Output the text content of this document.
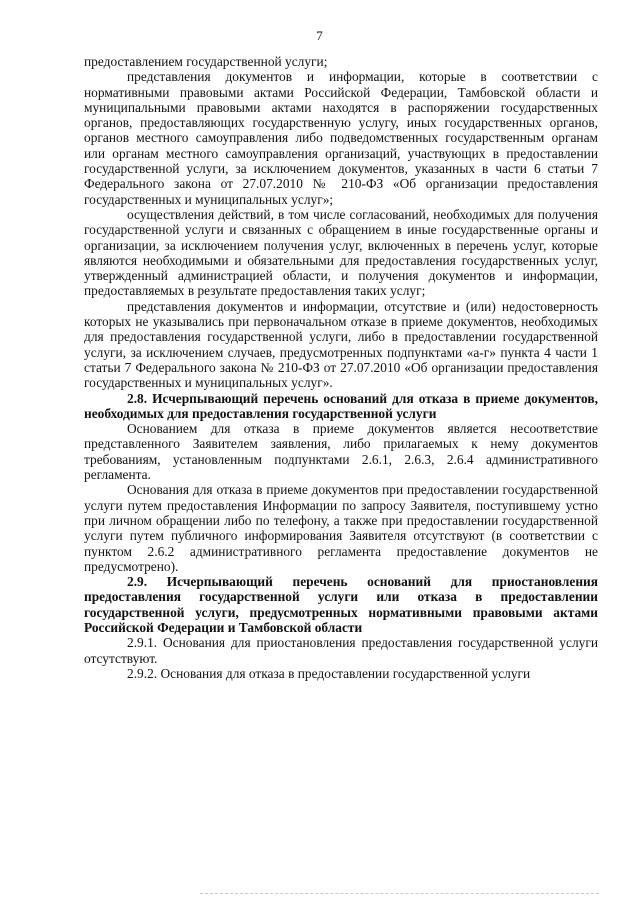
7

предоставлением государственной услуги;

представления документов и информации, которые в соответствии с нормативными правовыми актами Российской Федерации, Тамбовской области и муниципальными правовыми актами находятся в распоряжении государственных органов, предоставляющих государственную услугу, иных государственных органов, органов местного самоуправления либо подведомственных государственным органам или органам местного самоуправления организаций, участвующих в предоставлении государственной услуги, за исключением документов, указанных в части 6 статьи 7 Федерального закона от 27.07.2010 № 210-ФЗ «Об организации предоставления государственных и муниципальных услуг»;

осуществления действий, в том числе согласований, необходимых для получения государственной услуги и связанных с обращением в иные государственные органы и организации, за исключением получения услуг, включенных в перечень услуг, которые являются необходимыми и обязательными для предоставления государственных услуг, утвержденный администрацией области, и получения документов и информации, предоставляемых в результате предоставления таких услуг;

представления документов и информации, отсутствие и (или) недостоверность которых не указывались при первоначальном отказе в приеме документов, необходимых для предоставления государственной услуги, либо в предоставлении государственной услуги, за исключением случаев, предусмотренных подпунктами «а-г» пункта 4 части 1 статьи 7 Федерального закона № 210-ФЗ от 27.07.2010 «Об организации предоставления государственных и муниципальных услуг».

2.8. Исчерпывающий перечень оснований для отказа в приеме документов, необходимых для предоставления государственной услуги

Основанием для отказа в приеме документов является несоответствие представленного Заявителем заявления, либо прилагаемых к нему документов требованиям, установленным подпунктами 2.6.1, 2.6.3, 2.6.4 административного регламента.

Основания для отказа в приеме документов при предоставлении государственной услуги путем предоставления Информации по запросу Заявителя, поступившему устно при личном обращении либо по телефону, а также при предоставлении государственной услуги путем публичного информирования Заявителя отсутствуют (в соответствии с пунктом 2.6.2 административного регламента предоставление документов не предусмотрено).

2.9. Исчерпывающий перечень оснований для приостановления предоставления государственной услуги или отказа в предоставлении государственной услуги, предусмотренных нормативными правовыми актами Российской Федерации и Тамбовской области

2.9.1. Основания для приостановления предоставления государственной услуги отсутствуют.

2.9.2. Основания для отказа в предоставлении государственной услуги
